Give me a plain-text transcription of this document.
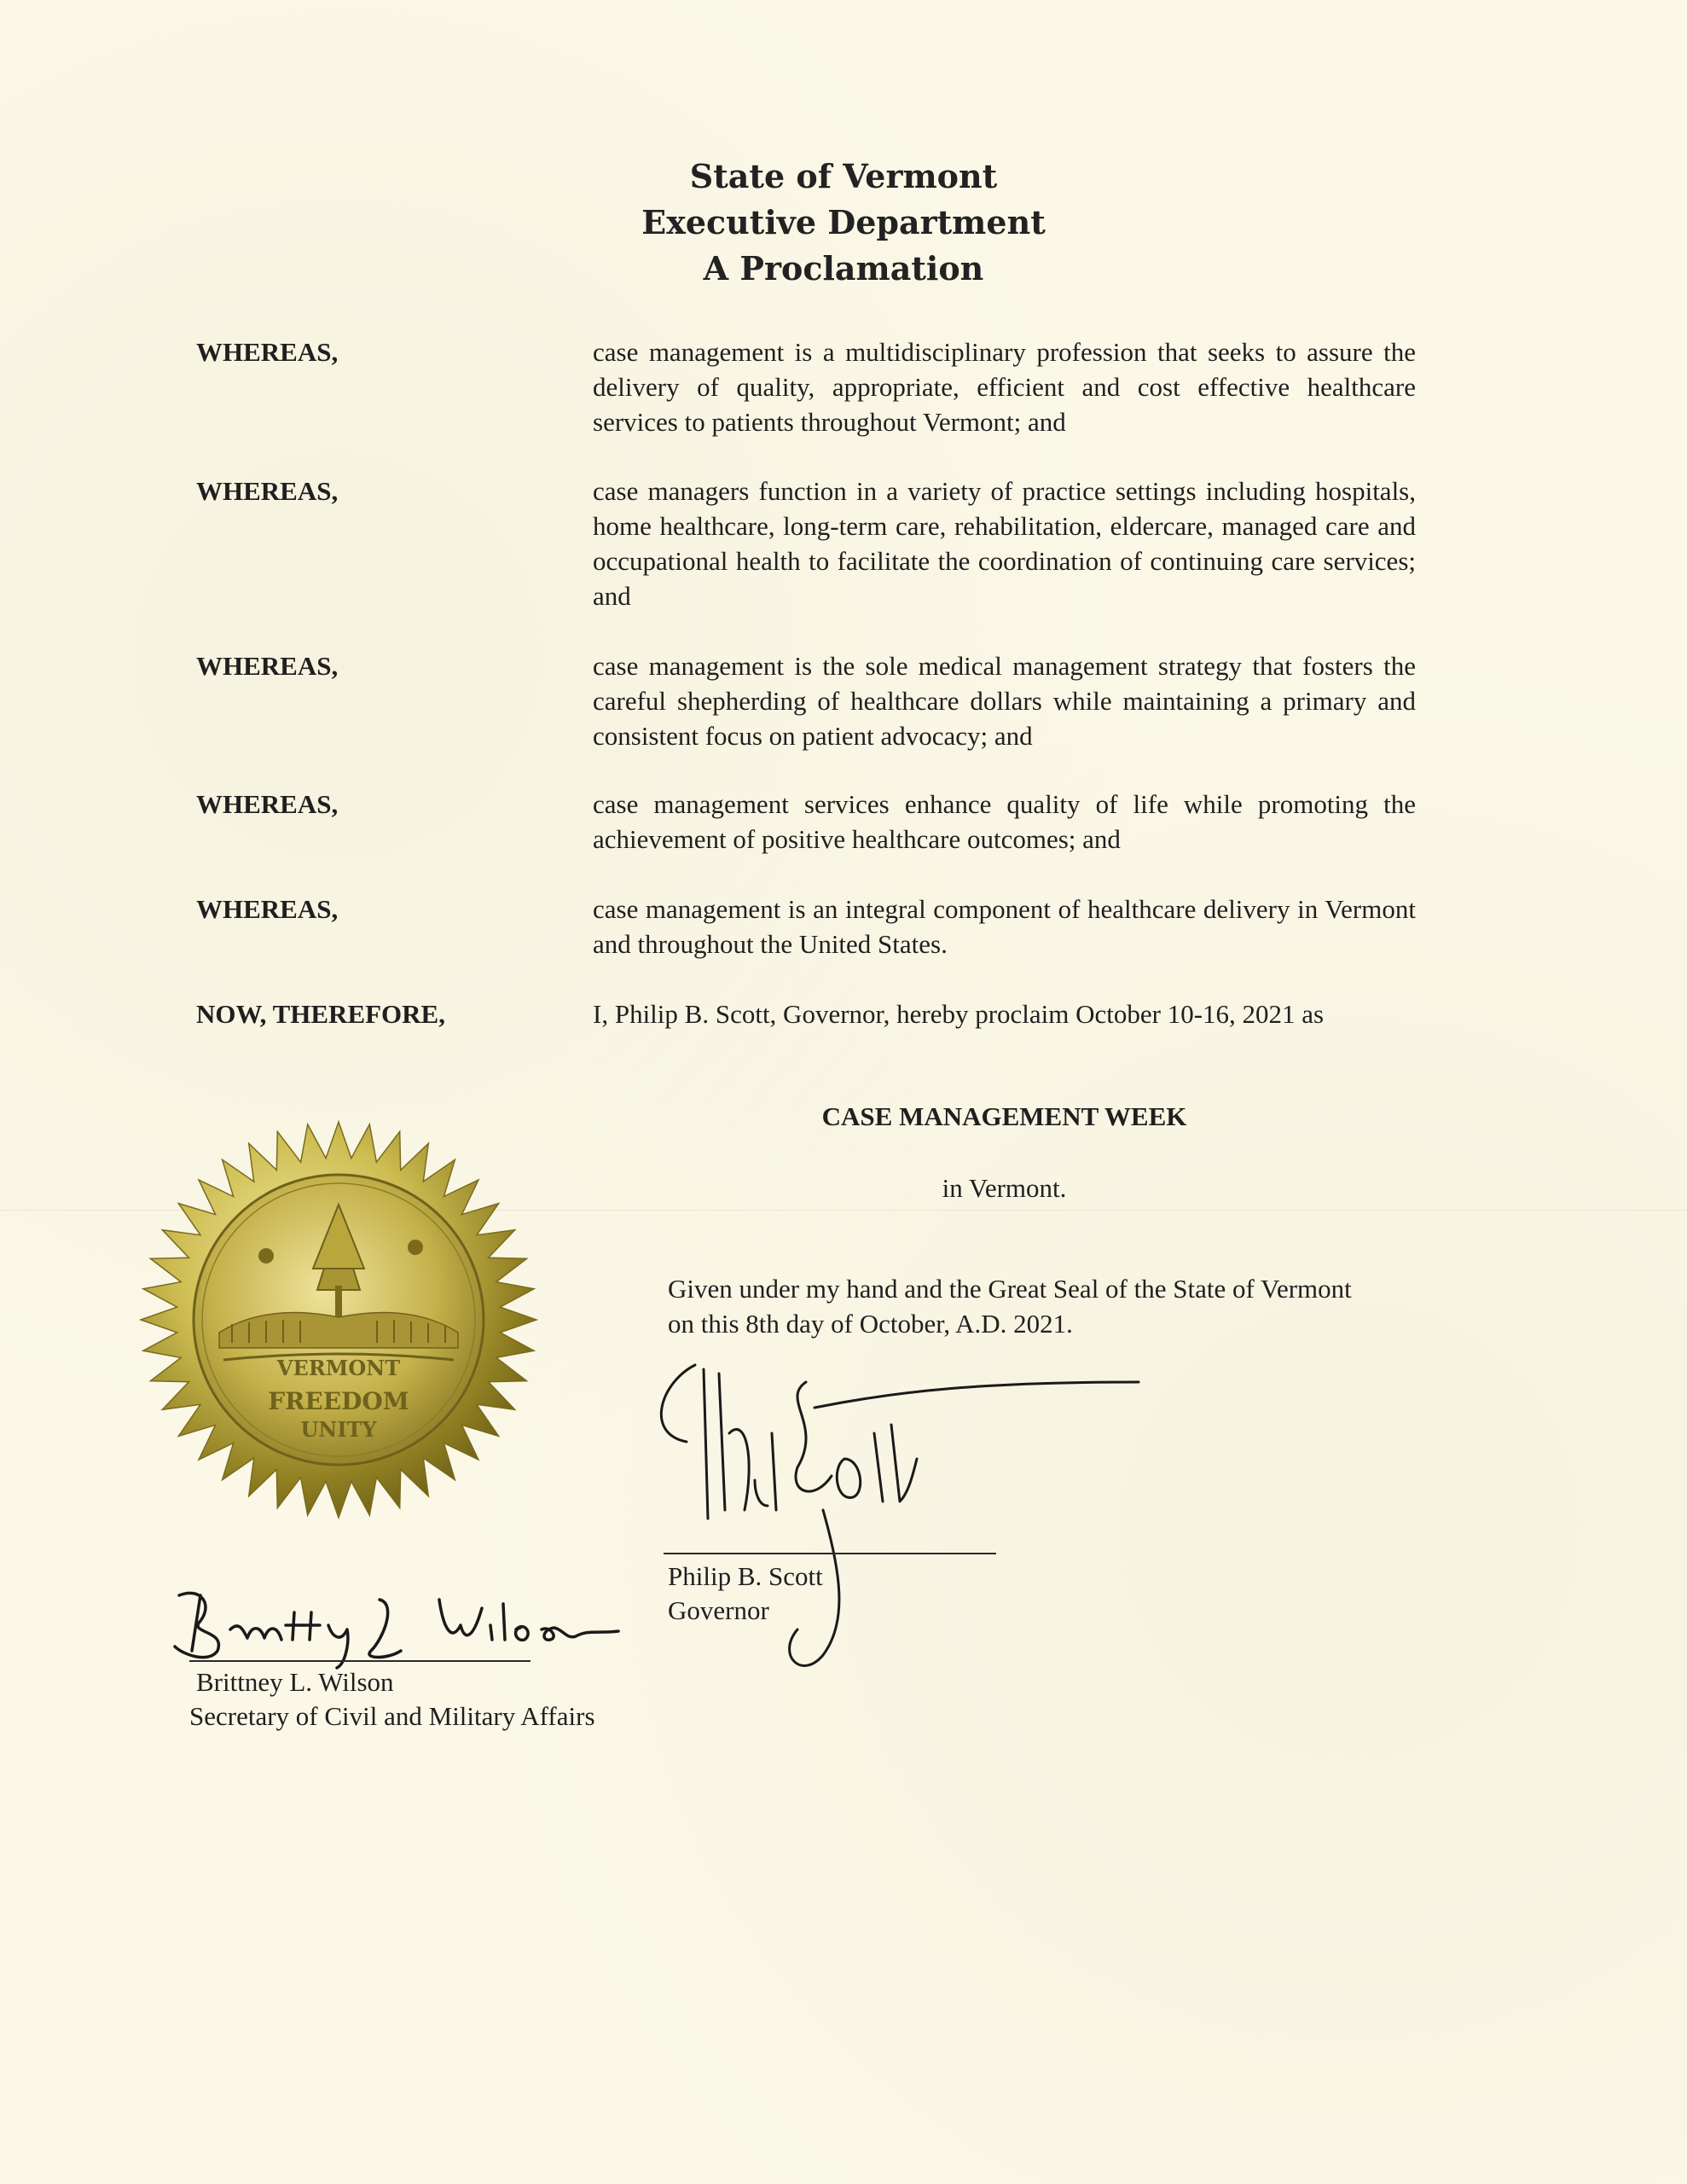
State of Vermont
Executive Department
A Proclamation
WHEREAS,	case management is a multidisciplinary profession that seeks to assure the delivery of quality, appropriate, efficient and cost effective healthcare services to patients throughout Vermont; and
WHEREAS,	case managers function in a variety of practice settings including hospitals, home healthcare, long-term care, rehabilitation, eldercare, managed care and occupational health to facilitate the coordination of continuing care services; and
WHEREAS,	case management is the sole medical management strategy that fosters the careful shepherding of healthcare dollars while maintaining a primary and consistent focus on patient advocacy; and
WHEREAS,	case management services enhance quality of life while promoting the achievement of positive healthcare outcomes; and
WHEREAS,	case management is an integral component of healthcare delivery in Vermont and throughout the United States.
NOW, THEREFORE,	I, Philip B. Scott, Governor, hereby proclaim October 10-16, 2021 as
CASE MANAGEMENT WEEK
in Vermont.
VERMONT
FREEDOM
UNITY
Given under my hand and the Great Seal of the State of Vermont on this 8th day of October, A.D. 2021.
Philip B. Scott
Governor
Brittney L. Wilson
Secretary of Civil and Military Affairs
